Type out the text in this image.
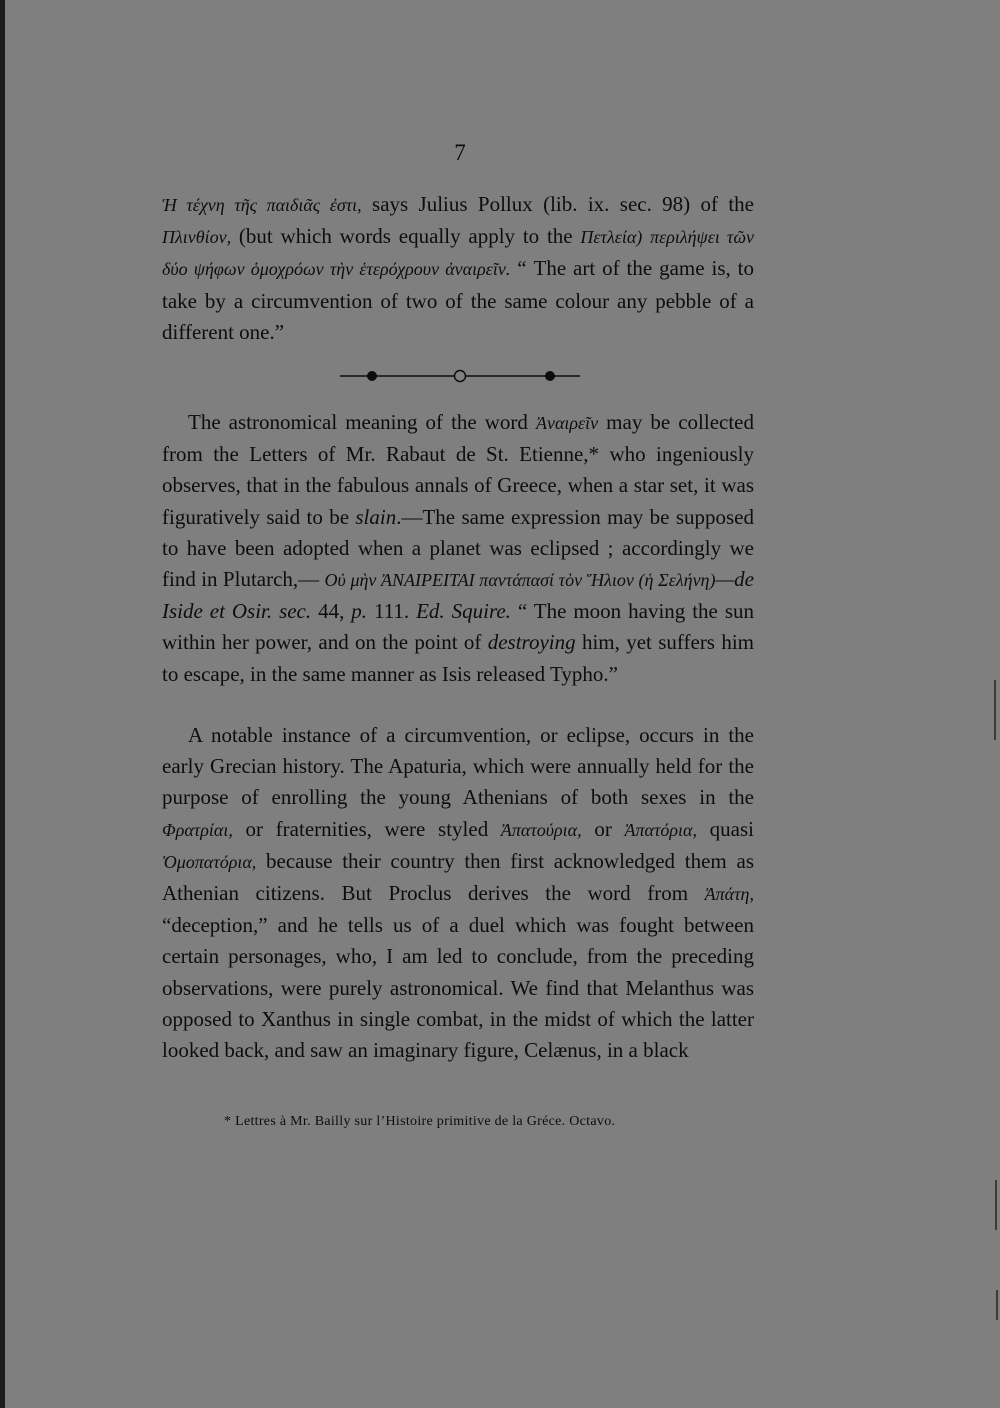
7

Ἡ τέχνη τῆς παιδιᾶς ἐστι, says Julius Pollux (lib. ix. sec. 98) of the Πλινθίον, (but which words equally apply to the Πετλεία) περιλήψει τῶν δύο ψήφων ὁμοχρόων τὴν ἑτερόχρουν ἀναιρεῖν. “ The art of the game is, to take by a circumvention of two of the same colour any pebble of a different one.”

The astronomical meaning of the word Ἀναιρεῖν may be collected from the Letters of Mr. Rabaut de St. Etienne,* who ingeniously observes, that in the fabulous annals of Greece, when a star set, it was figuratively said to be slain.—The same expression may be supposed to have been adopted when a planet was eclipsed ; accordingly we find in Plutarch,— Οὐ μὴν ἈΝΑΙΡΕΙΤΑΙ παντάπασί τὸν Ἥλιον (ἡ Σελήνη)—de Iside et Osir. sec. 44, p. 111. Ed. Squire. “ The moon having the sun within her power, and on the point of destroying him, yet suffers him to escape, in the same manner as Isis released Typho.”

A notable instance of a circumvention, or eclipse, occurs in the early Grecian history. The Apaturia, which were annually held for the purpose of enrolling the young Athenians of both sexes in the Φρατρίαι, or fraternities, were styled Ἀπατούρια, or Ἀπατόρια, quasi Ὁμοπατόρια, because their country then first acknowledged them as Athenian citizens. But Proclus derives the word from Ἀπάτη, “deception,” and he tells us of a duel which was fought between certain personages, who, I am led to conclude, from the preceding observations, were purely astronomical. We find that Melanthus was opposed to Xanthus in single combat, in the midst of which the latter looked back, and saw an imaginary figure, Celænus, in a black

* Lettres à Mr. Bailly sur l’Histoire primitive de la Gréce. Octavo.
